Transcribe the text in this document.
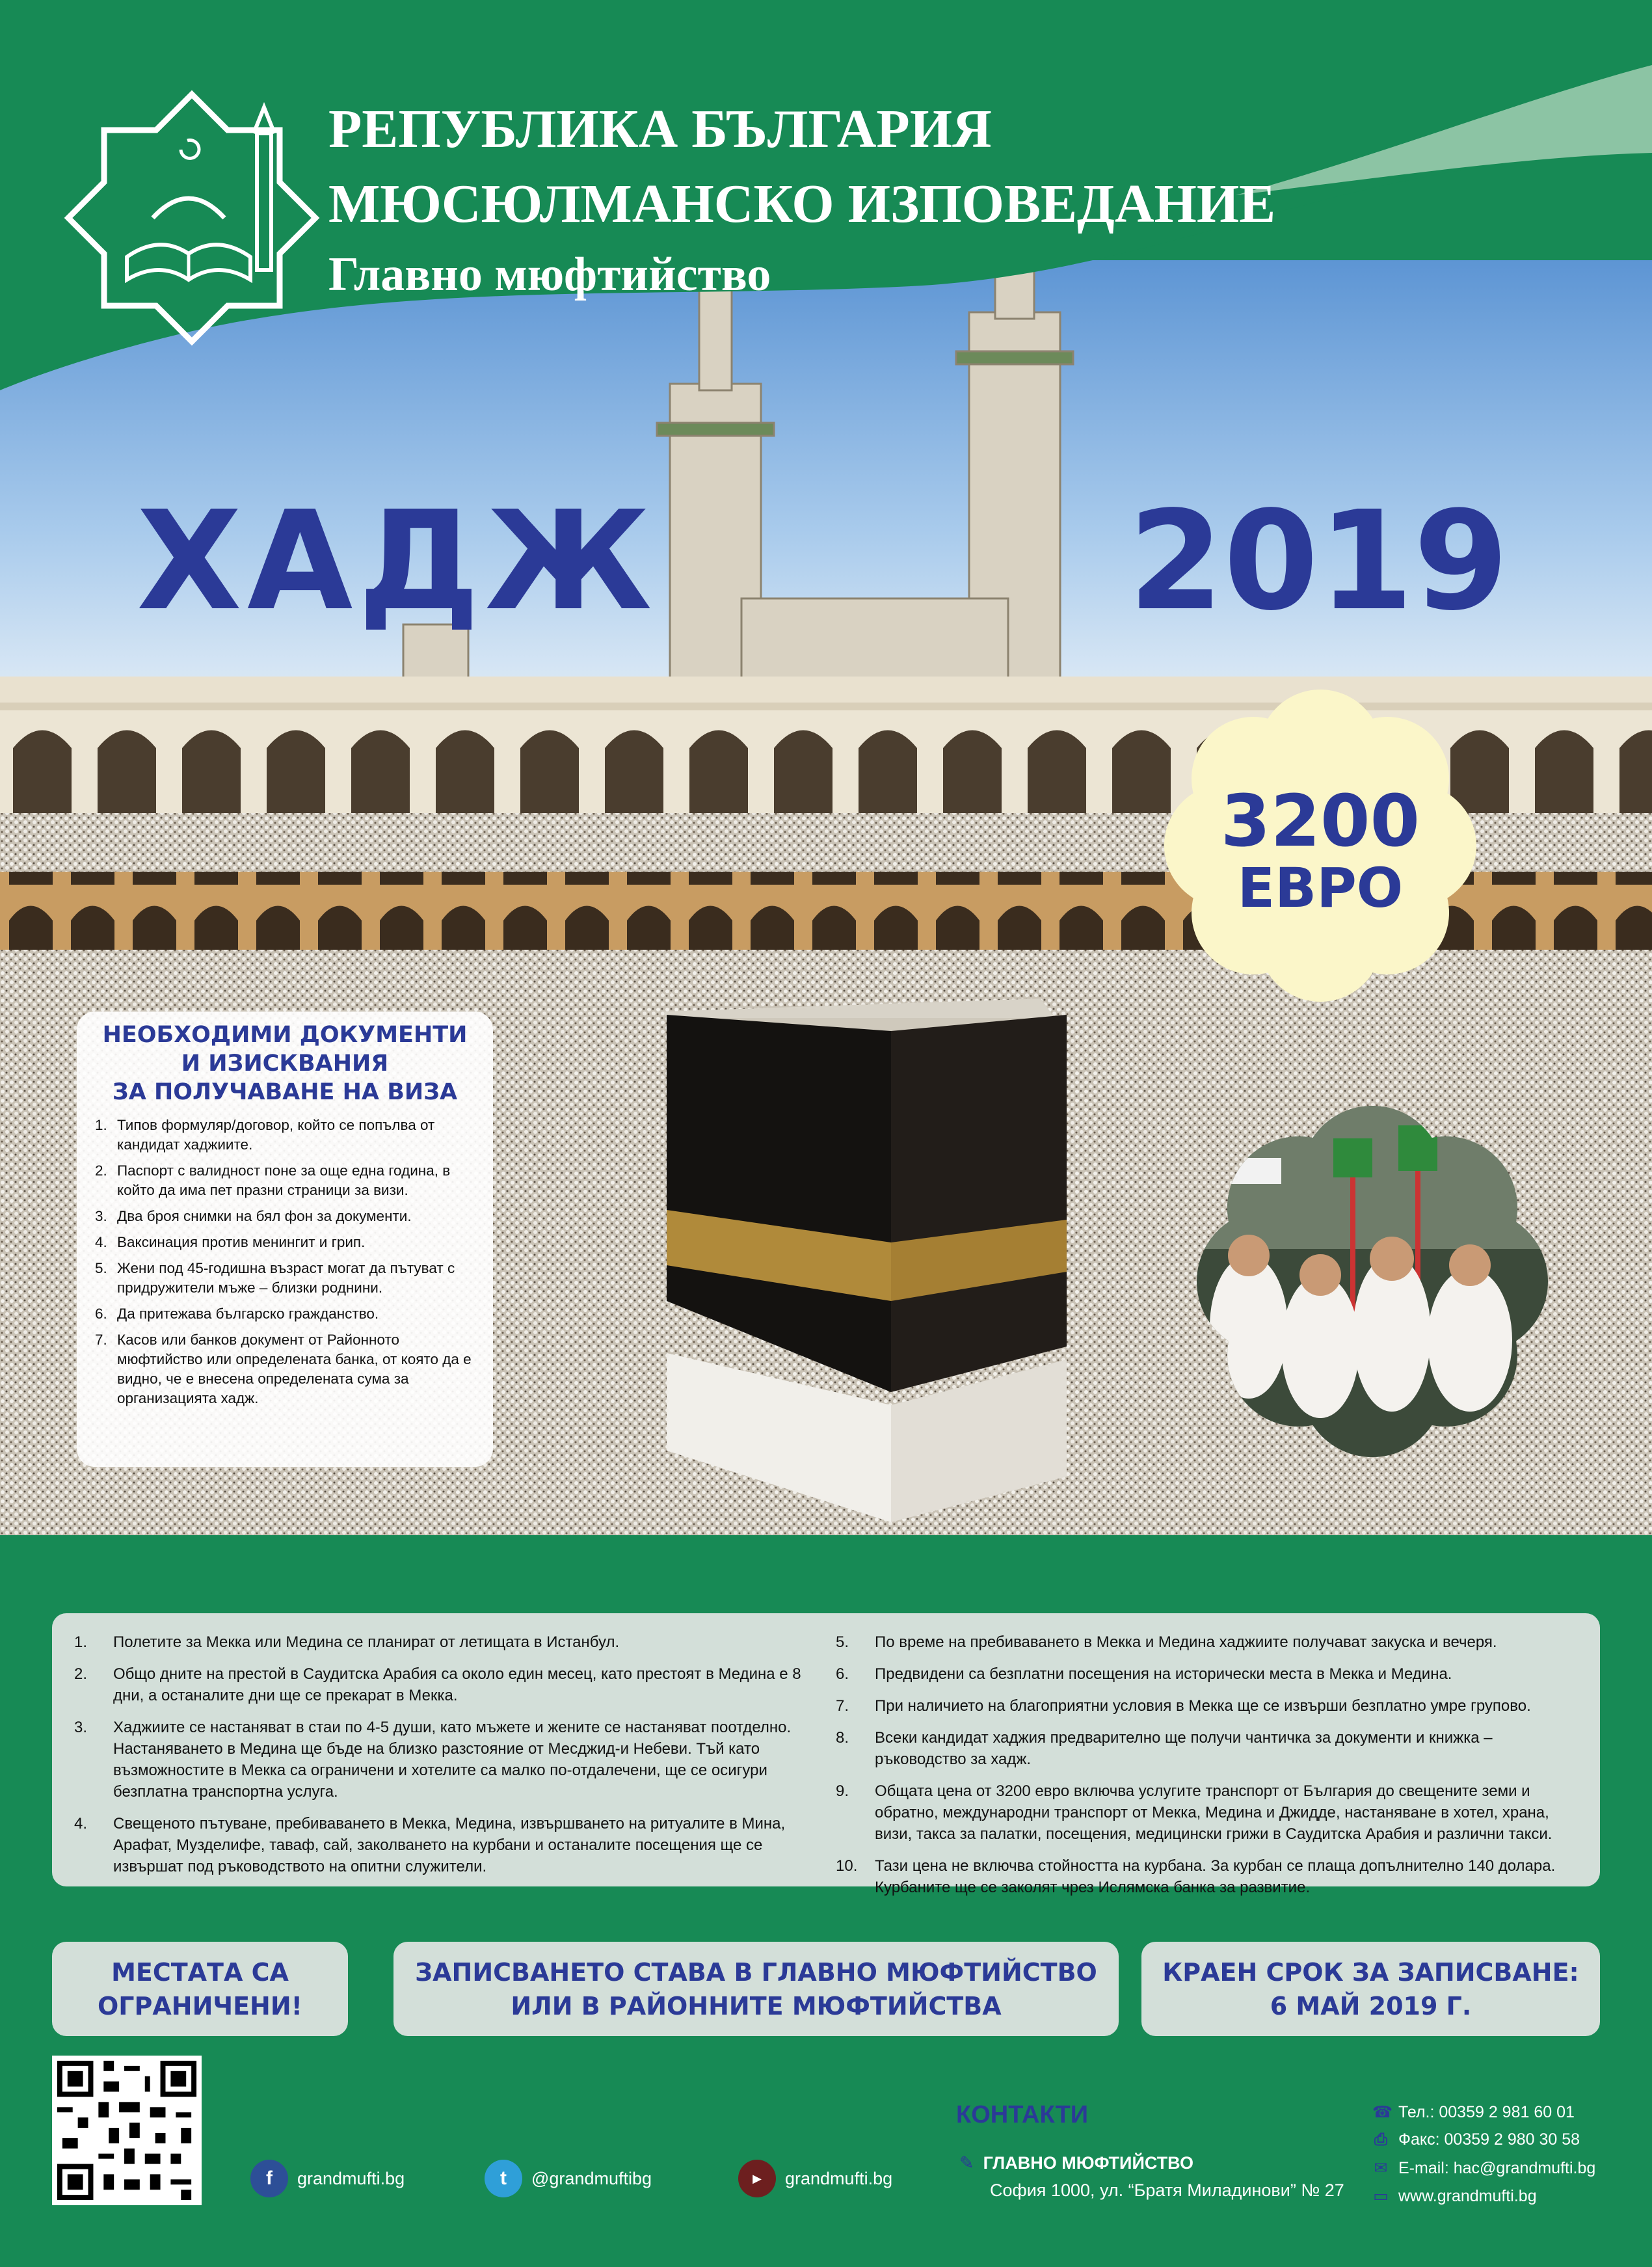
РЕПУБЛИКА БЪЛГАРИЯ
МЮСЮЛМАНСКО ИЗПОВЕДАНИЕ
Главно мюфтийство
ХАДЖ	2019
3200
ЕВРО
НЕОБХОДИМИ ДОКУМЕНТИ
И ИЗИСКВАНИЯ
ЗА ПОЛУЧАВАНЕ НА ВИЗА
1. Типов формуляр/договор, който се попълва от кандидат хаджиите.
2. Паспорт с валидност поне за още една година, в който да има пет празни страници за визи.
3. Два броя снимки на бял фон за документи.
4. Ваксинация против менингит и грип.
5. Жени под 45-годишна възраст могат да пътуват с придружители мъже – близки роднини.
6. Да притежава българско гражданство.
7. Касов или банков документ от Районното мюфтийство или определената банка, от която да е видно, че е внесена определената сума за организацията хадж.
1.	Полетите за Мекка или Медина се планират от летищата в Истанбул.
2.	Общо дните на престой в Саудитска Арабия са около един месец, като престоят в Медина е 8 дни, а останалите дни ще се прекарат в Мекка.
3.	Хаджиите се настаняват в стаи по 4-5 души, като мъжете и жените се настаняват поотделно. Настаняването в Медина ще бъде на близко разстояние от Месджид-и Небеви. Тъй като възможностите в Мекка са ограничени и хотелите са малко по-отдалечени, ще се осигури безплатна транспортна услуга.
4.	Свещеното пътуване, пребиваването в Мекка, Медина, извършването на ритуалите в Мина, Арафат, Музделифе, таваф, сай, заколването на курбани и останалите посещения ще се извършат под ръководството на опитни служители.
5.	По време на пребиваването в Мекка и Медина хаджиите получават закуска и вечеря.
6.	Предвидени са безплатни посещения на исторически места в Мекка и Медина.
7.	При наличието на благоприятни условия в Мекка ще се извърши безплатно умре групово.
8.	Всеки кандидат хаджия предварително ще получи чантичка за документи и книжка – ръководство за хадж.
9.	Общата цена от 3200 евро включва услугите транспорт от България до свещените земи и обратно, международни транспорт от Мекка, Медина и Джидде, настаняване в хотел, храна, визи, такса за палатки, посещения, медицински грижи в Саудитска Арабия и различни такси.
10.	Тази цена не включва стойността на курбана. За курбан се плаща допълнително 140 долара. Курбаните ще се заколят чрез Ислямска банка за развитие.
МЕСТАТА СА
ОГРАНИЧЕНИ!
ЗАПИСВАНЕТО СТАВА В ГЛАВНО МЮФТИЙСТВО
ИЛИ В РАЙОННИТЕ МЮФТИЙСТВА
КРАЕН СРОК ЗА ЗАПИСВАНЕ:
6 МАЙ 2019 Г.
f	grandmufti.bg	t	@grandmuftibg	▶	grandmufti.bg
КОНТАКТИ
✎ ГЛАВНО МЮФТИЙСТВО
София 1000, ул. “Братя Миладинови” № 27
☎ Тел.: 00359 2 981 60 01
⎙ Факс: 00359 2 980 30 58
✉ E-mail: hac@grandmufti.bg
▭ www.grandmufti.bg
